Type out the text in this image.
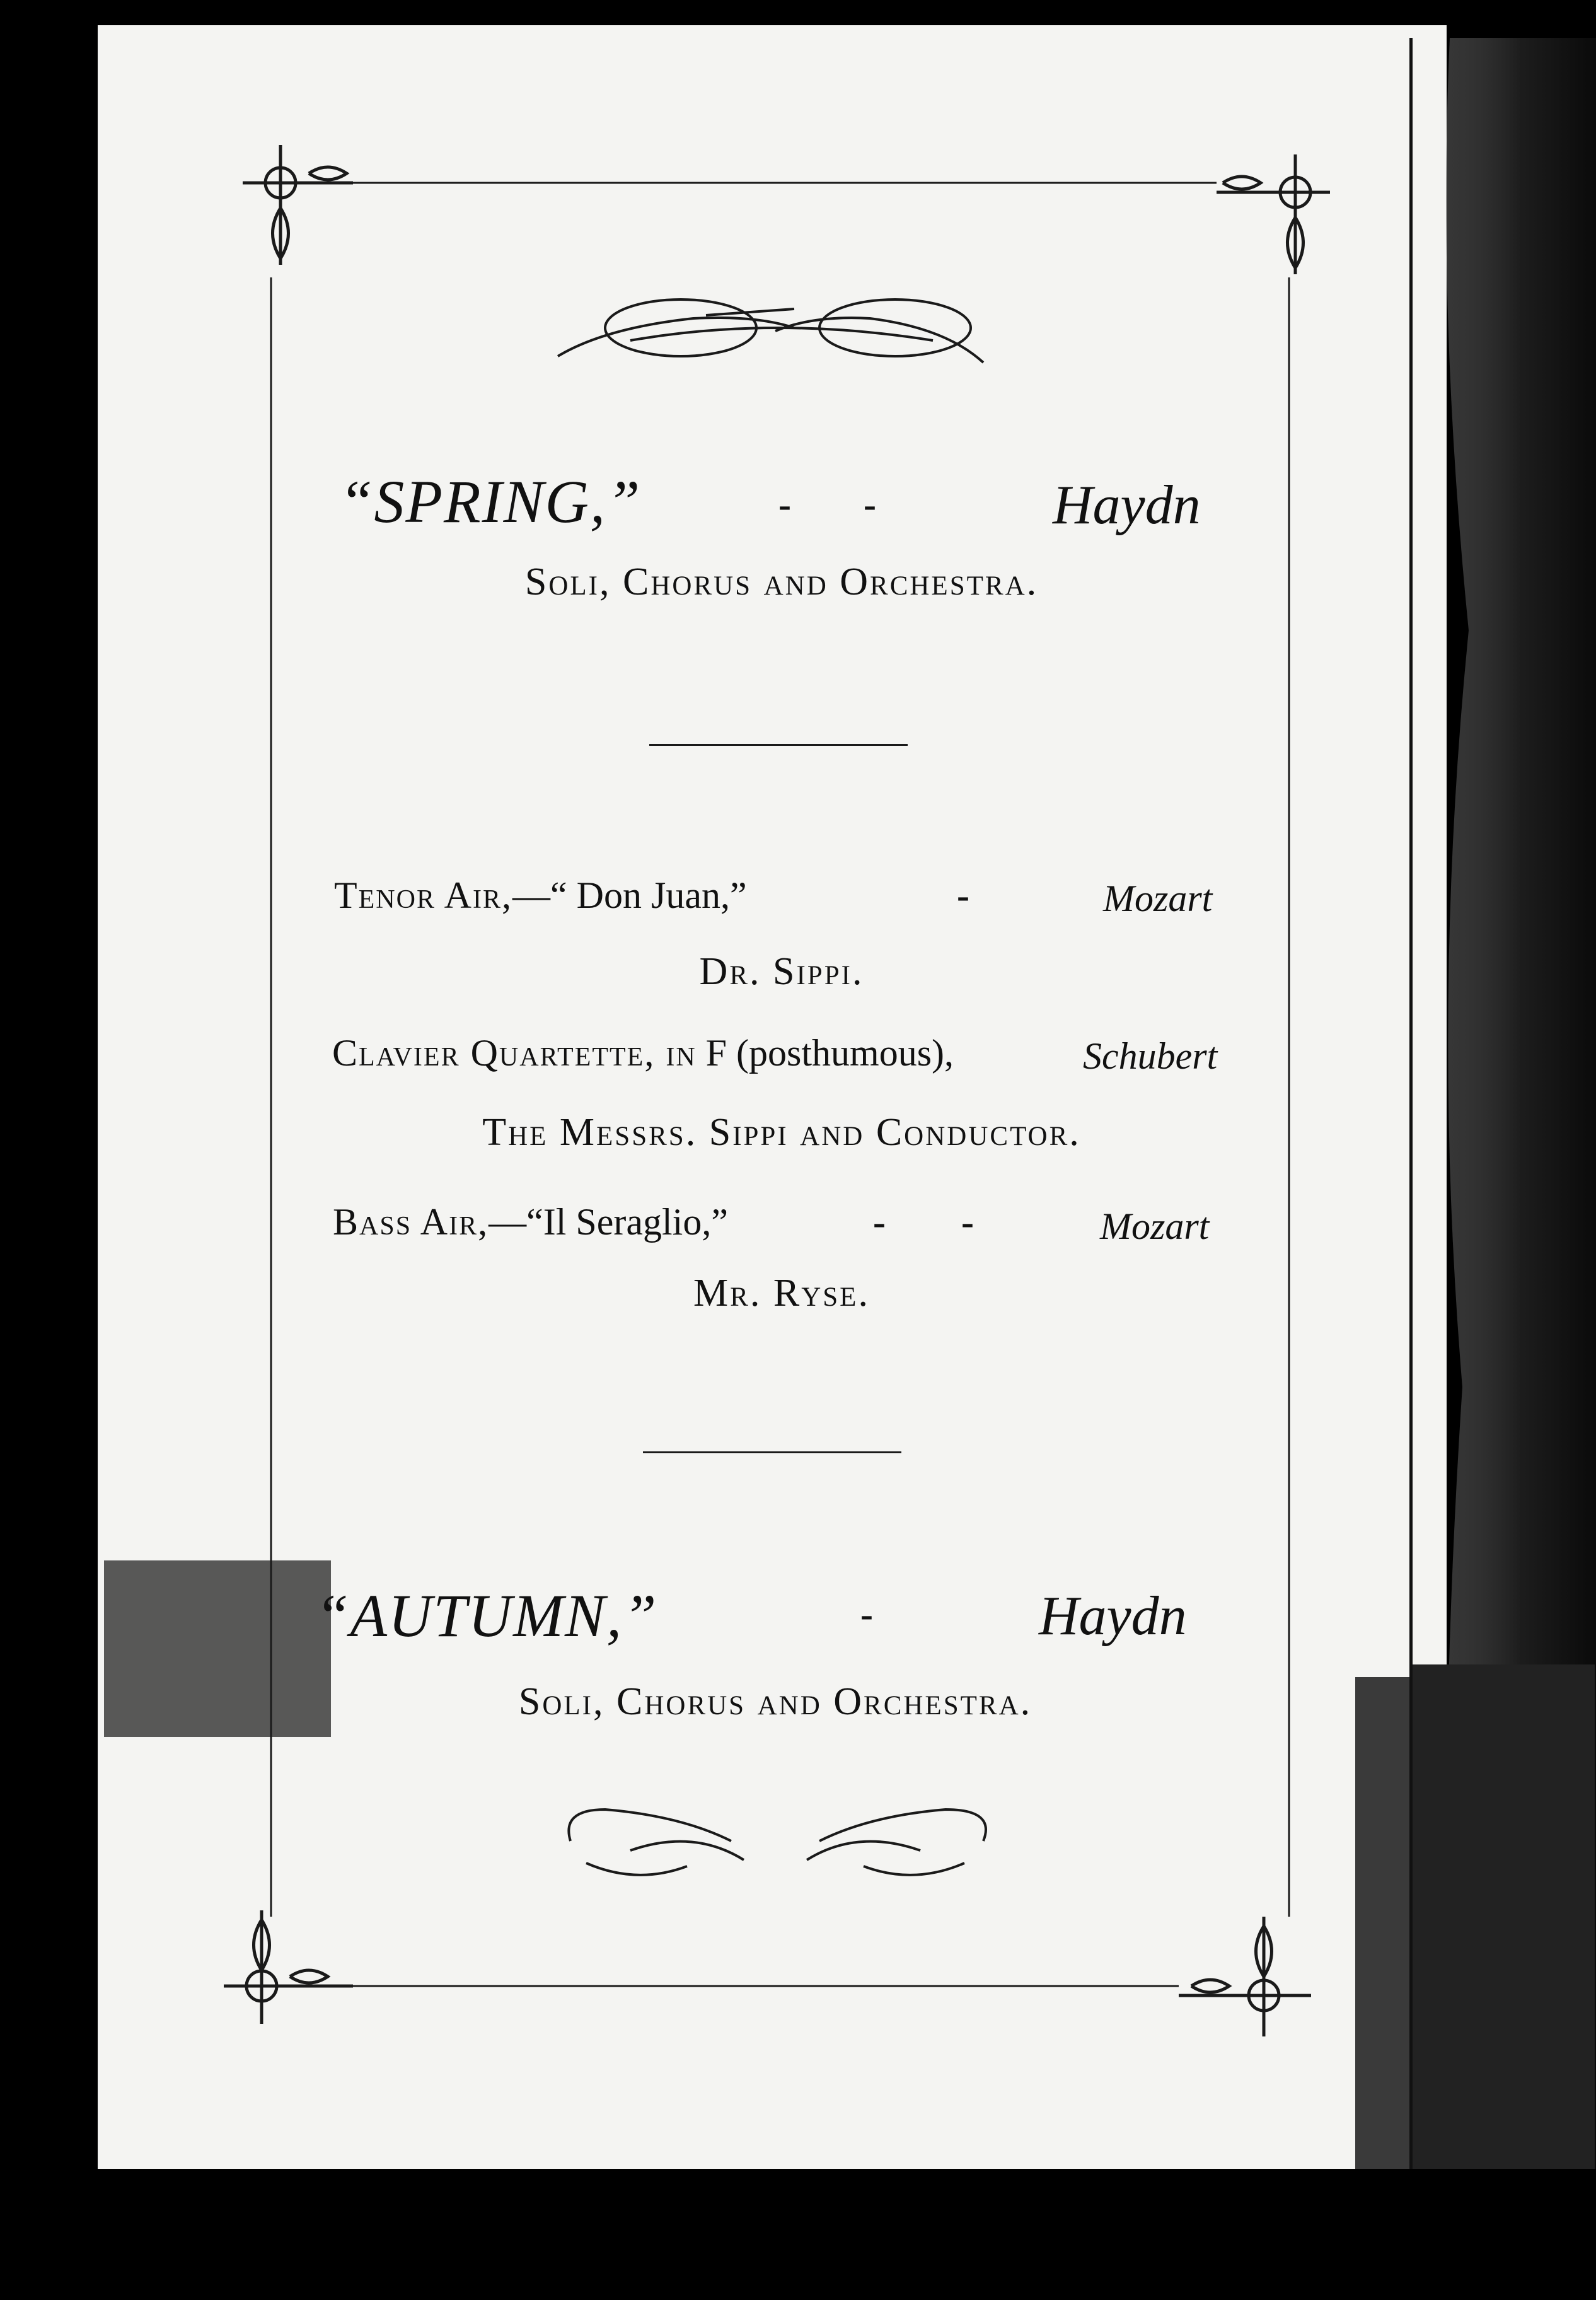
“SPRING,”	- -	Haydn
Soli, Chorus and Orchestra.
Tenor Air,—“ Don Juan,”	-	Mozart
Dr. Sippi.
Clavier Quartette, in F (posthumous),	Schubert
The Messrs. Sippi and Conductor.
Bass Air,—“Il Seraglio,”	-        -	Mozart
Mr. Ryse.
“AUTUMN,”	-	Haydn
Soli, Chorus and Orchestra.
